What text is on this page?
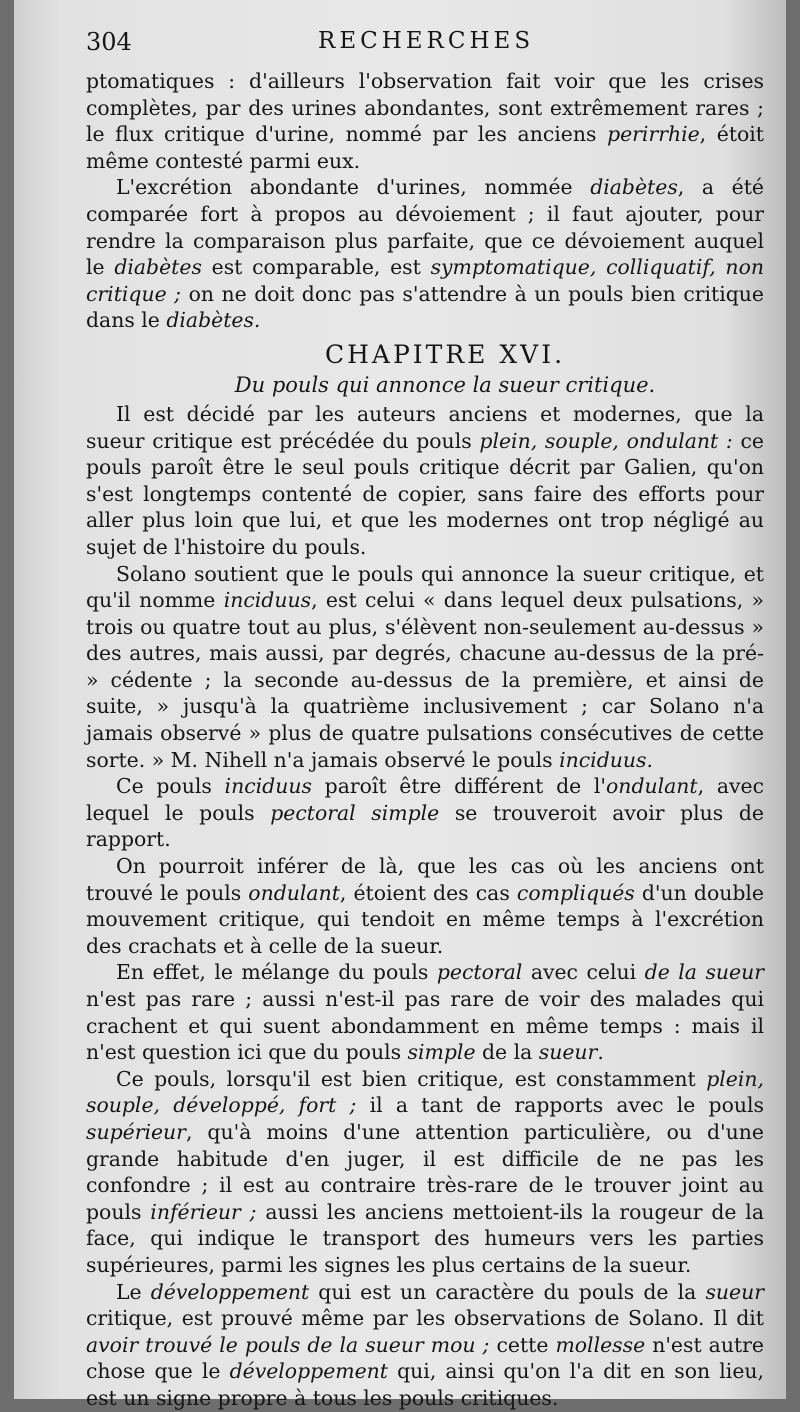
304	RECHERCHES

ptomatiques : d'ailleurs l'observation fait voir que les crises complètes, par des urines abondantes, sont extrêmement rares ; le flux critique d'urine, nommé par les anciens perirrhie, étoit même contesté parmi eux.

L'excrétion abondante d'urines, nommée diabètes, a été comparée fort à propos au dévoiement ; il faut ajouter, pour rendre la comparaison plus parfaite, que ce dévoiement auquel le diabètes est comparable, est symptomatique, colliquatif, non critique ; on ne doit donc pas s'attendre à un pouls bien critique dans le diabètes.

CHAPITRE XVI.
Du pouls qui annonce la sueur critique.

Il est décidé par les auteurs anciens et modernes, que la sueur critique est précédée du pouls plein, souple, ondulant : ce pouls paroît être le seul pouls critique décrit par Galien, qu'on s'est longtemps contenté de copier, sans faire des efforts pour aller plus loin que lui, et que les modernes ont trop négligé au sujet de l'histoire du pouls.

Solano soutient que le pouls qui annonce la sueur critique, et qu'il nomme inciduus, est celui « dans lequel deux pulsations, » trois ou quatre tout au plus, s'élèvent non-seulement au-dessus » des autres, mais aussi, par degrés, chacune au-dessus de la pré- » cédente ; la seconde au-dessus de la première, et ainsi de suite, » jusqu'à la quatrième inclusivement ; car Solano n'a jamais observé » plus de quatre pulsations consécutives de cette sorte. » M. Nihell n'a jamais observé le pouls inciduus.

Ce pouls inciduus paroît être différent de l'ondulant, avec lequel le pouls pectoral simple se trouveroit avoir plus de rapport.

On pourroit inférer de là, que les cas où les anciens ont trouvé le pouls ondulant, étoient des cas compliqués d'un double mouvement critique, qui tendoit en même temps à l'excrétion des crachats et à celle de la sueur.

En effet, le mélange du pouls pectoral avec celui de la sueur n'est pas rare ; aussi n'est-il pas rare de voir des malades qui crachent et qui suent abondamment en même temps : mais il n'est question ici que du pouls simple de la sueur.

Ce pouls, lorsqu'il est bien critique, est constamment plein, souple, développé, fort ; il a tant de rapports avec le pouls supérieur, qu'à moins d'une attention particulière, ou d'une grande habitude d'en juger, il est difficile de ne pas les confondre ; il est au contraire très-rare de le trouver joint au pouls inférieur ; aussi les anciens mettoient-ils la rougeur de la face, qui indique le transport des humeurs vers les parties supérieures, parmi les signes les plus certains de la sueur.

Le développement qui est un caractère du pouls de la sueur critique, est prouvé même par les observations de Solano. Il dit avoir trouvé le pouls de la sueur mou ; cette mollesse n'est autre chose que le développement qui, ainsi qu'on l'a dit en son lieu, est un signe propre à tous les pouls critiques.
